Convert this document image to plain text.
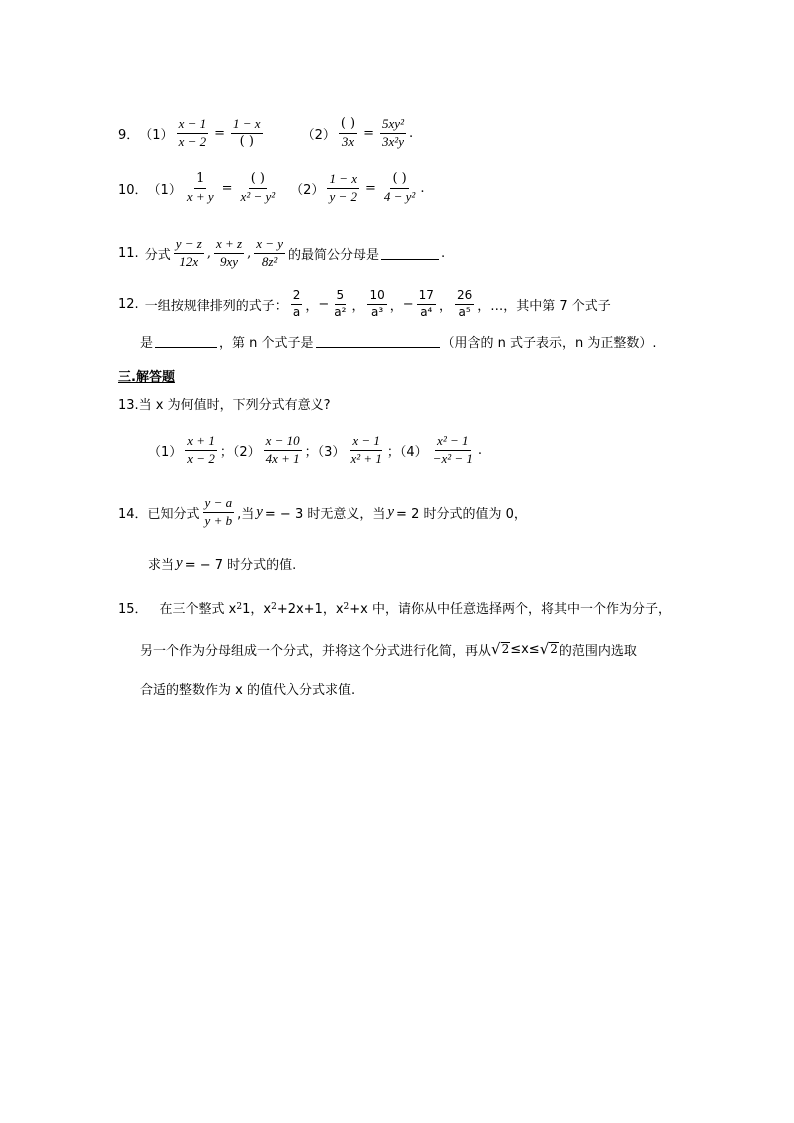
9． $(1) \frac{x - 1}{x - 2} = \frac{1 - x}{( )}$	$(2) \frac{( )}{3x} = \frac{\text{5xy²}}{\text{3x²y}}$ .
10． $(1) \frac{1}{x + y} = \frac{( )}{\text{x² − y²}} (2) \frac{1 - x}{y - 2} = \frac{( )}{\text{4 − y²}}$ .
11. 分式 $\frac{y - z}{12x}$ , $\frac{x + z}{9xy}$ , $\frac{x - y}{\text{8z²}}$ 的最简公分母是	.
12. 一组按规律排列的式子： $\frac{2}{a}$ ， − $\frac{5}{\text{a²}}$ ， $\frac{10}{\text{a³}}$ ， − $\frac{17}{\text{a⁴}}$ ， $\frac{26}{\text{a⁵}}$ ，…，其中第 7 个式子
是	，第 n 个式子是	（用含的 n 式子表示，n 为正整数）.
三.解答题
13.当 x 为何值时，下列分式有意义?
$(1) \frac{x + 1}{x - 2}$ ；$(2) \frac{x - 10}{4x + 1}$ ；$(3) \frac{x - 1}{\text{x² + 1}}$ ；$(4) \frac{\text{x² − 1}}{\text{−x² − 1}}$ .
14．已知分式 $\frac{y - a}{y + b}$ ,当 y = − 3 时无意义，当 y = 2 时分式的值为 0，
求当 y = − 7 时分式的值.
15． 在三个整式 x 2 1，x 2 +2x+1，x 2 +x 中，请你从中任意选择两个，将其中一个作为分子，
另一个作为分母组成一个分式，并将这个分式进行化简，再从 √ 2 ≤x≤ √ 2 的范围内选取
合适的整数作为 x 的值代入分式求值.
